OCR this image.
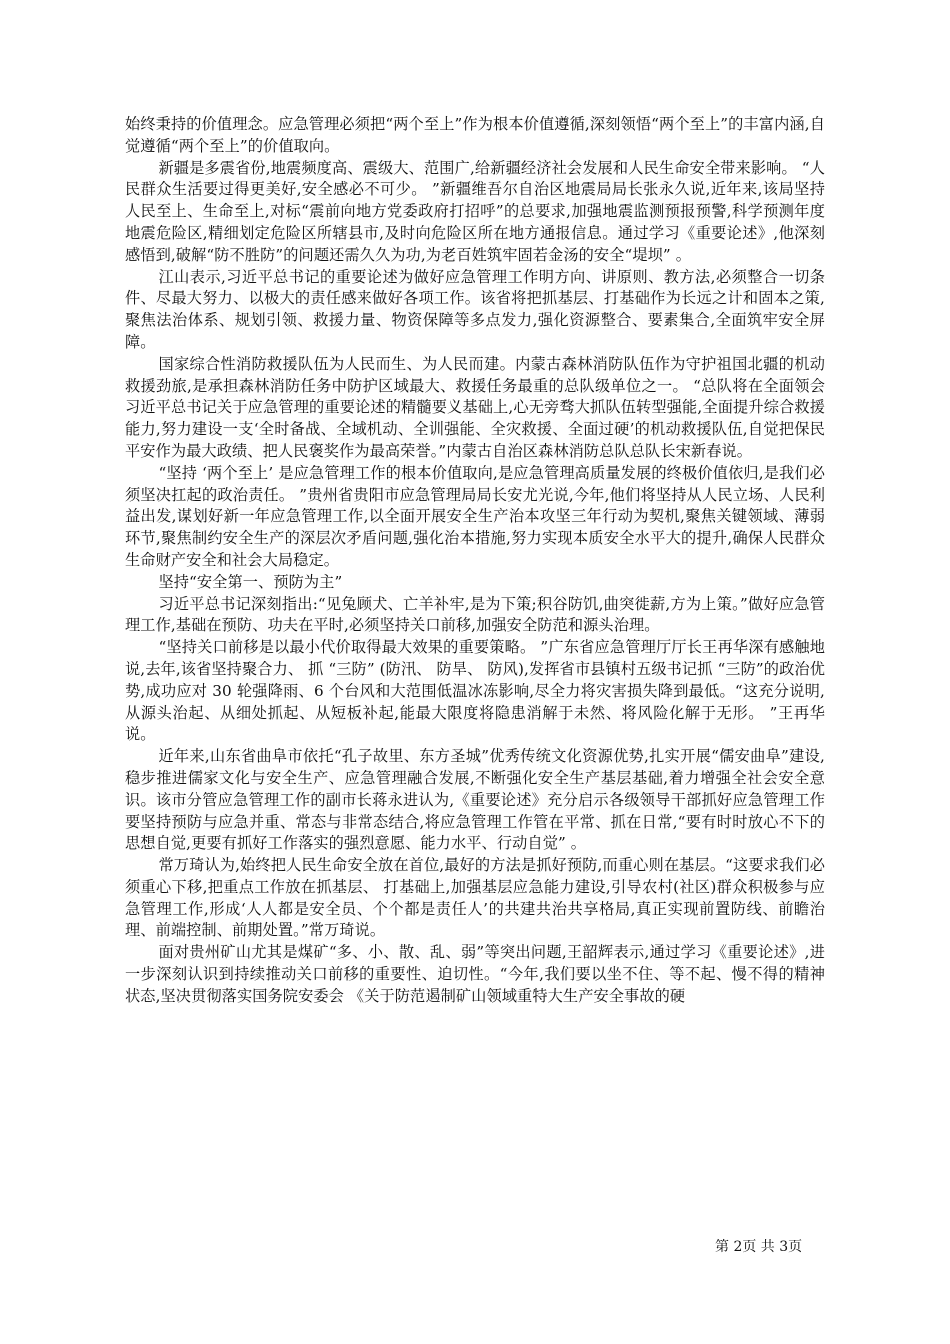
始终秉持的价值理念。应急管理必须把“两个至上”作为根本价值遵循,深刻领悟“两个至上”的丰富内涵,自觉遵循“两个至上”的价值取向。

新疆是多震省份,地震频度高、震级大、范围广,给新疆经济社会发展和人民生命安全带来影响。 “人民群众生活要过得更美好,安全感必不可少。 ”新疆维吾尔自治区地震局局长张永久说,近年来,该局坚持人民至上、生命至上,对标“震前向地方党委政府打招呼”的总要求,加强地震监测预报预警,科学预测年度地震危险区,精细划定危险区所辖县市,及时向危险区所在地方通报信息。通过学习《重要论述》,他深刻感悟到,破解“防不胜防”的问题还需久久为功,为老百姓筑牢固若金汤的安全“堤坝” 。

江山表示,习近平总书记的重要论述为做好应急管理工作明方向、讲原则、教方法,必须整合一切条件、尽最大努力、以极大的责任感来做好各项工作。该省将把抓基层、打基础作为长远之计和固本之策,聚焦法治体系、规划引领、救援力量、物资保障等多点发力,强化资源整合、要素集合,全面筑牢安全屏障。

国家综合性消防救援队伍为人民而生、为人民而建。内蒙古森林消防队伍作为守护祖国北疆的机动救援劲旅,是承担森林消防任务中防护区域最大、救援任务最重的总队级单位之一。 “总队将在全面领会习近平总书记关于应急管理的重要论述的精髓要义基础上,心无旁骛大抓队伍转型强能,全面提升综合救援能力,努力建设一支‘全时备战、全域机动、全训强能、全灾救援、全面过硬’的机动救援队伍,自觉把保民平安作为最大政绩、把人民褒奖作为最高荣誉。”内蒙古自治区森林消防总队总队长宋新春说。

“坚持 ‘两个至上’ 是应急管理工作的根本价值取向,是应急管理高质量发展的终极价值依归,是我们必须坚决扛起的政治责任。 ”贵州省贵阳市应急管理局局长安尤光说,今年,他们将坚持从人民立场、人民利益出发,谋划好新一年应急管理工作,以全面开展安全生产治本攻坚三年行动为契机,聚焦关键领域、薄弱环节,聚焦制约安全生产的深层次矛盾问题,强化治本措施,努力实现本质安全水平大的提升,确保人民群众生命财产安全和社会大局稳定。

坚持“安全第一、预防为主”

习近平总书记深刻指出:“见兔顾犬、亡羊补牢,是为下策;积谷防饥,曲突徙薪,方为上策。”做好应急管理工作,基础在预防、功夫在平时,必须坚持关口前移,加强安全防范和源头治理。

“坚持关口前移是以最小代价取得最大效果的重要策略。 ”广东省应急管理厅厅长王再华深有感触地说,去年,该省坚持聚合力、 抓 “三防” (防汛、 防旱、 防风),发挥省市县镇村五级书记抓 “三防”的政治优势,成功应对 30 轮强降雨、6 个台风和大范围低温冰冻影响,尽全力将灾害损失降到最低。“这充分说明,从源头治起、从细处抓起、从短板补起,能最大限度将隐患消解于未然、将风险化解于无形。 ”王再华说。

近年来,山东省曲阜市依托“孔子故里、东方圣城”优秀传统文化资源优势,扎实开展“儒安曲阜”建设,稳步推进儒家文化与安全生产、应急管理融合发展,不断强化安全生产基层基础,着力增强全社会安全意识。该市分管应急管理工作的副市长蒋永进认为,《重要论述》充分启示各级领导干部抓好应急管理工作要坚持预防与应急并重、常态与非常态结合,将应急管理工作管在平常、抓在日常,“要有时时放心不下的思想自觉,更要有抓好工作落实的强烈意愿、能力水平、行动自觉” 。

常万琦认为,始终把人民生命安全放在首位,最好的方法是抓好预防,而重心则在基层。“这要求我们必须重心下移,把重点工作放在抓基层、 打基础上,加强基层应急能力建设,引导农村(社区)群众积极参与应急管理工作,形成‘人人都是安全员、个个都是责任人’的共建共治共享格局,真正实现前置防线、前瞻治理、前端控制、前期处置。”常万琦说。

面对贵州矿山尤其是煤矿“多、小、散、乱、弱”等突出问题,王韶辉表示,通过学习《重要论述》,进一步深刻认识到持续推动关口前移的重要性、迫切性。“今年,我们要以坐不住、等不起、慢不得的精神状态,坚决贯彻落实国务院安委会 《关于防范遏制矿山领域重特大生产安全事故的硬

第 2页 共 3页
